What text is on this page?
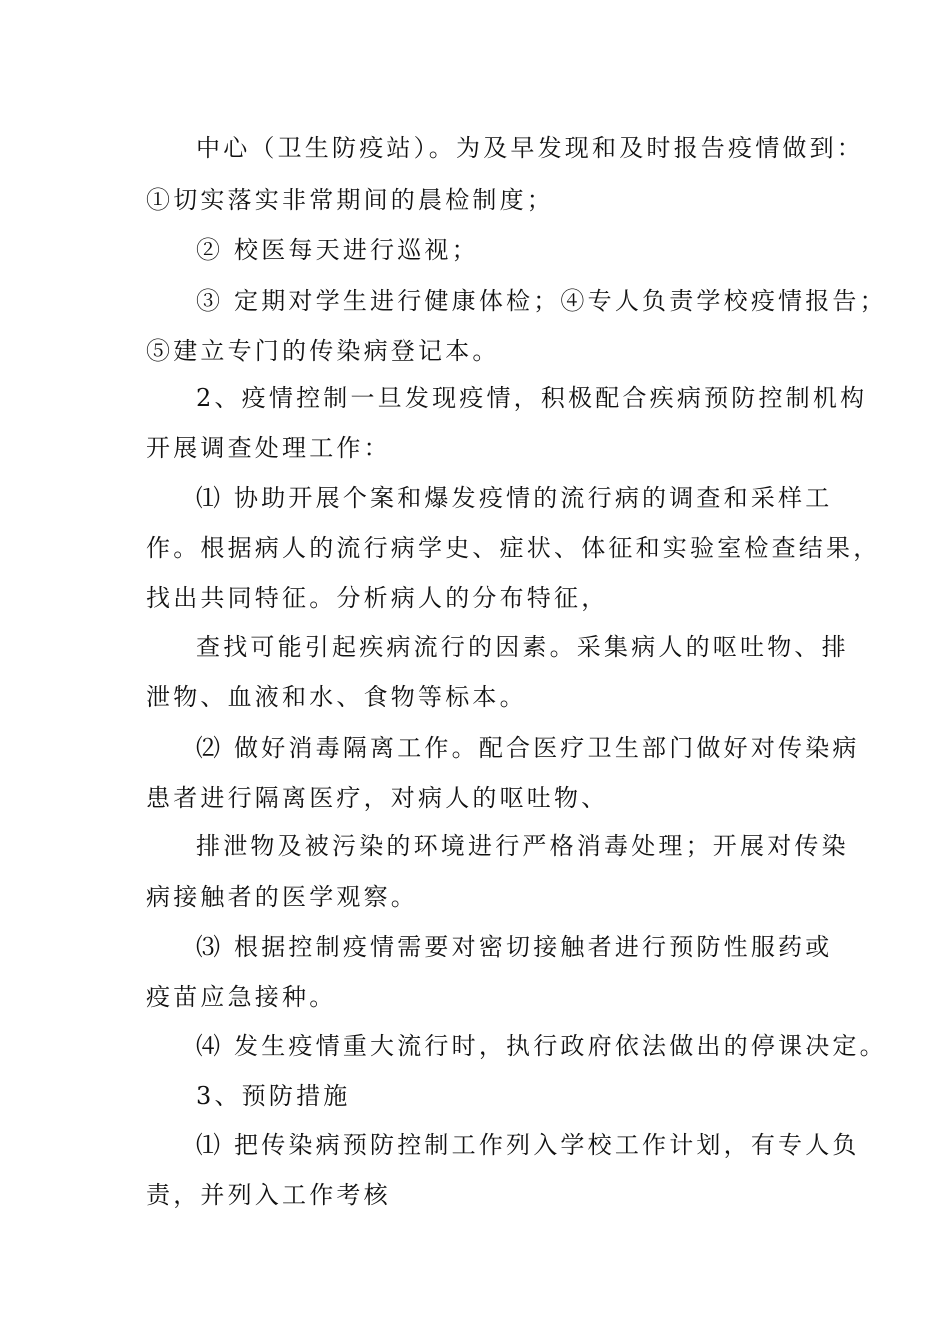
中心（卫生防疫站）。为及早发现和及时报告疫情做到：
①切实落实非常期间的晨检制度；
② 校医每天进行巡视；
③ 定期对学生进行健康体检；④专人负责学校疫情报告；
⑤建立专门的传染病登记本。
2、疫情控制一旦发现疫情，积极配合疾病预防控制机构
开展调查处理工作：
⑴ 协助开展个案和爆发疫情的流行病的调查和采样工
作。根据病人的流行病学史、症状、体征和实验室检查结果，
找出共同特征。分析病人的分布特征，
查找可能引起疾病流行的因素。采集病人的呕吐物、排
泄物、血液和水、食物等标本。
⑵ 做好消毒隔离工作。配合医疗卫生部门做好对传染病
患者进行隔离医疗，对病人的呕吐物、
排泄物及被污染的环境进行严格消毒处理；开展对传染
病接触者的医学观察。
⑶ 根据控制疫情需要对密切接触者进行预防性服药或
疫苗应急接种。
⑷ 发生疫情重大流行时，执行政府依法做出的停课决定。
3、预防措施
⑴ 把传染病预防控制工作列入学校工作计划，有专人负
责，并列入工作考核
